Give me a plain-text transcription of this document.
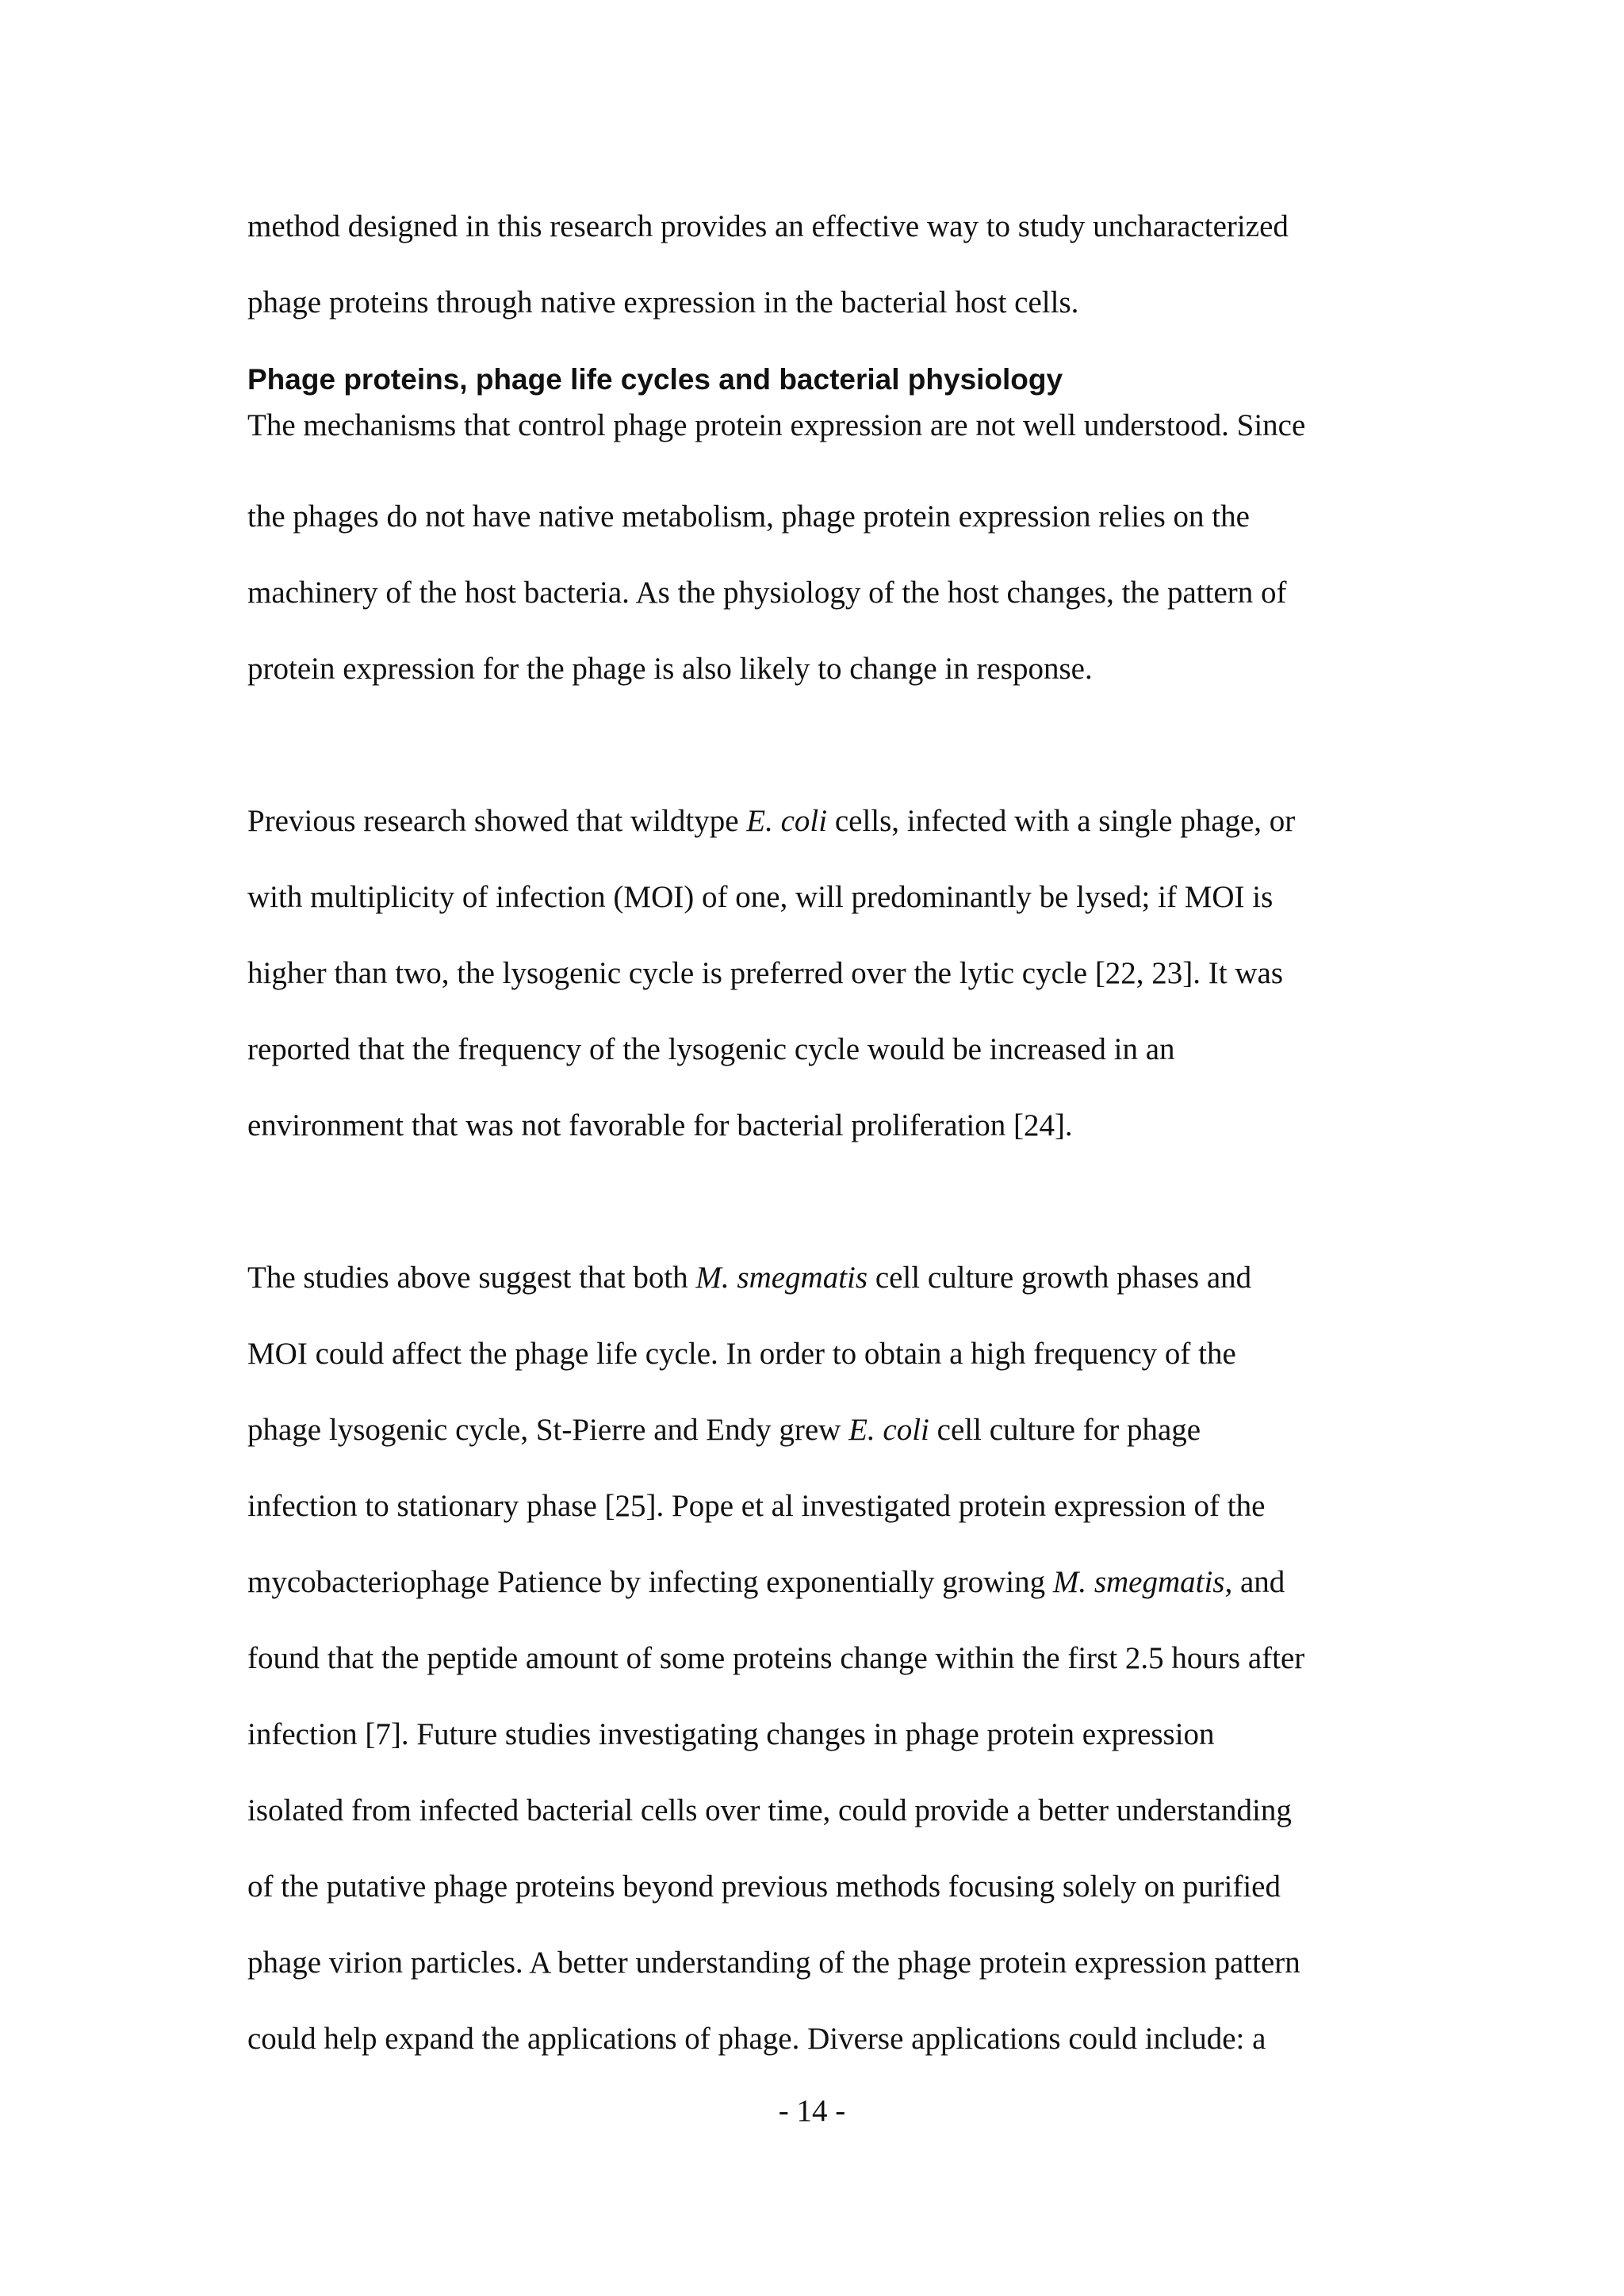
method designed in this research provides an effective way to study uncharacterized
phage proteins through native expression in the bacterial host cells.
Phage proteins, phage life cycles and bacterial physiology
The mechanisms that control phage protein expression are not well understood. Since
the phages do not have native metabolism, phage protein expression relies on the
machinery of the host bacteria. As the physiology of the host changes, the pattern of
protein expression for the phage is also likely to change in response.
Previous research showed that wildtype E. coli cells, infected with a single phage, or
with multiplicity of infection (MOI) of one, will predominantly be lysed; if MOI is
higher than two, the lysogenic cycle is preferred over the lytic cycle [22, 23]. It was
reported that the frequency of the lysogenic cycle would be increased in an
environment that was not favorable for bacterial proliferation [24].
The studies above suggest that both M. smegmatis cell culture growth phases and
MOI could affect the phage life cycle. In order to obtain a high frequency of the
phage lysogenic cycle, St-Pierre and Endy grew E. coli cell culture for phage
infection to stationary phase [25]. Pope et al investigated protein expression of the
mycobacteriophage Patience by infecting exponentially growing M. smegmatis, and
found that the peptide amount of some proteins change within the first 2.5 hours after
infection [7]. Future studies investigating changes in phage protein expression
isolated from infected bacterial cells over time, could provide a better understanding
of the putative phage proteins beyond previous methods focusing solely on purified
phage virion particles. A better understanding of the phage protein expression pattern
could help expand the applications of phage. Diverse applications could include: a
- 14 -
